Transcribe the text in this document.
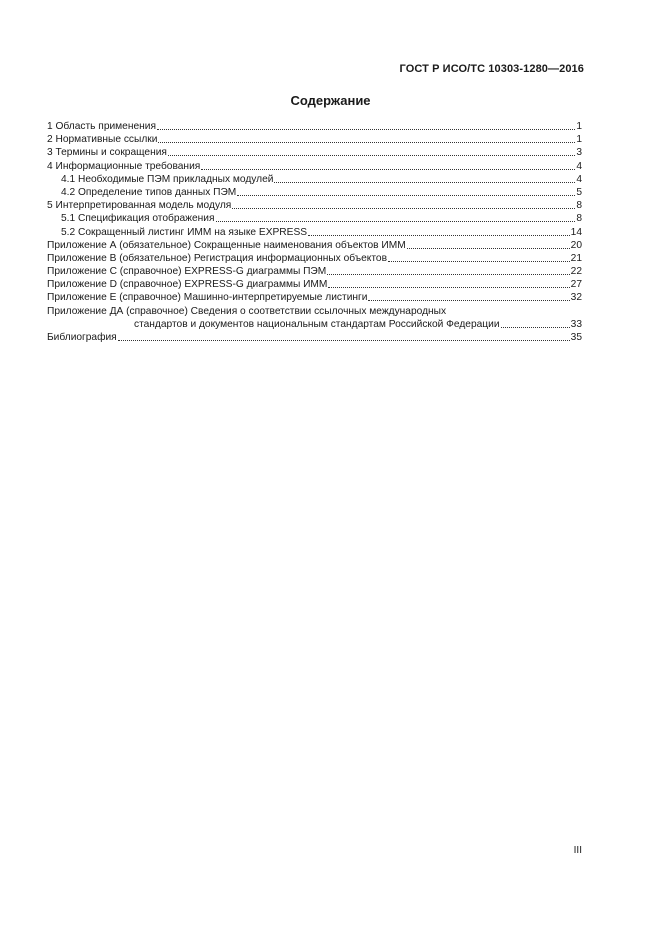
ГОСТ Р ИСО/ТС 10303-1280—2016
Содержание
1 Область применения	1
2 Нормативные ссылки	1
3 Термины и сокращения	3
4 Информационные требования	4
4.1 Необходимые ПЭМ прикладных модулей	4
4.2 Определение типов данных ПЭМ	5
5 Интерпретированная модель модуля	8
5.1 Спецификация отображения	8
5.2 Сокращенный листинг ИММ на языке EXPRESS	14
Приложение А (обязательное) Сокращенные наименования объектов ИММ	20
Приложение В (обязательное) Регистрация информационных объектов	21
Приложение С (справочное) EXPRESS-G диаграммы ПЭМ	22
Приложение D (справочное) EXPRESS-G диаграммы ИММ	27
Приложение Е (справочное) Машинно-интерпретируемые листинги	32
Приложение ДА (справочное) Сведения о соответствии ссылочных международных
стандартов и документов национальным стандартам Российской Федерации	33
Библиография	35
III
